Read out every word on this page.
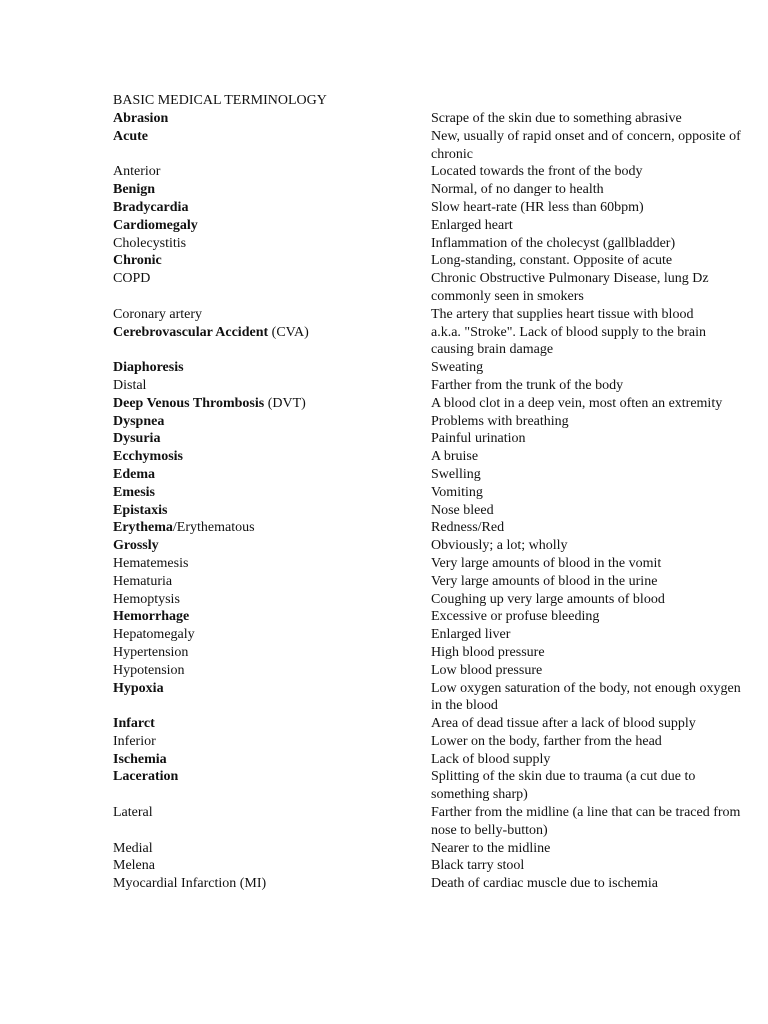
BASIC MEDICAL TERMINOLOGY
Abrasion	Scrape of the skin due to something abrasive
Acute	New, usually of rapid onset and of concern, opposite of chronic
Anterior	Located towards the front of the body
Benign	Normal, of no danger to health
Bradycardia	Slow heart-rate (HR less than 60bpm)
Cardiomegaly	Enlarged heart
Cholecystitis	Inflammation of the cholecyst (gallbladder)
Chronic	Long-standing, constant. Opposite of acute
COPD	Chronic Obstructive Pulmonary Disease, lung Dz commonly seen in smokers
Coronary artery	The artery that supplies heart tissue with blood
Cerebrovascular Accident (CVA)	a.k.a. "Stroke". Lack of blood supply to the brain causing brain damage
Diaphoresis	Sweating
Distal	Farther from the trunk of the body
Deep Venous Thrombosis (DVT)	A blood clot in a deep vein, most often an extremity
Dyspnea	Problems with breathing
Dysuria	Painful urination
Ecchymosis	A bruise
Edema	Swelling
Emesis	Vomiting
Epistaxis	Nose bleed
Erythema/Erythematous	Redness/Red
Grossly	Obviously; a lot; wholly
Hematemesis	Very large amounts of blood in the vomit
Hematuria	Very large amounts of blood in the urine
Hemoptysis	Coughing up very large amounts of blood
Hemorrhage	Excessive or profuse bleeding
Hepatomegaly	Enlarged liver
Hypertension	High blood pressure
Hypotension	Low blood pressure
Hypoxia	Low oxygen saturation of the body, not enough oxygen in the blood
Infarct	Area of dead tissue after a lack of blood supply
Inferior	Lower on the body, farther from the head
Ischemia	Lack of blood supply
Laceration	Splitting of the skin due to trauma (a cut due to something sharp)
Lateral	Farther from the midline (a line that can be traced from nose to belly-button)
Medial	Nearer to the midline
Melena	Black tarry stool
Myocardial Infarction (MI)	Death of cardiac muscle due to ischemia
